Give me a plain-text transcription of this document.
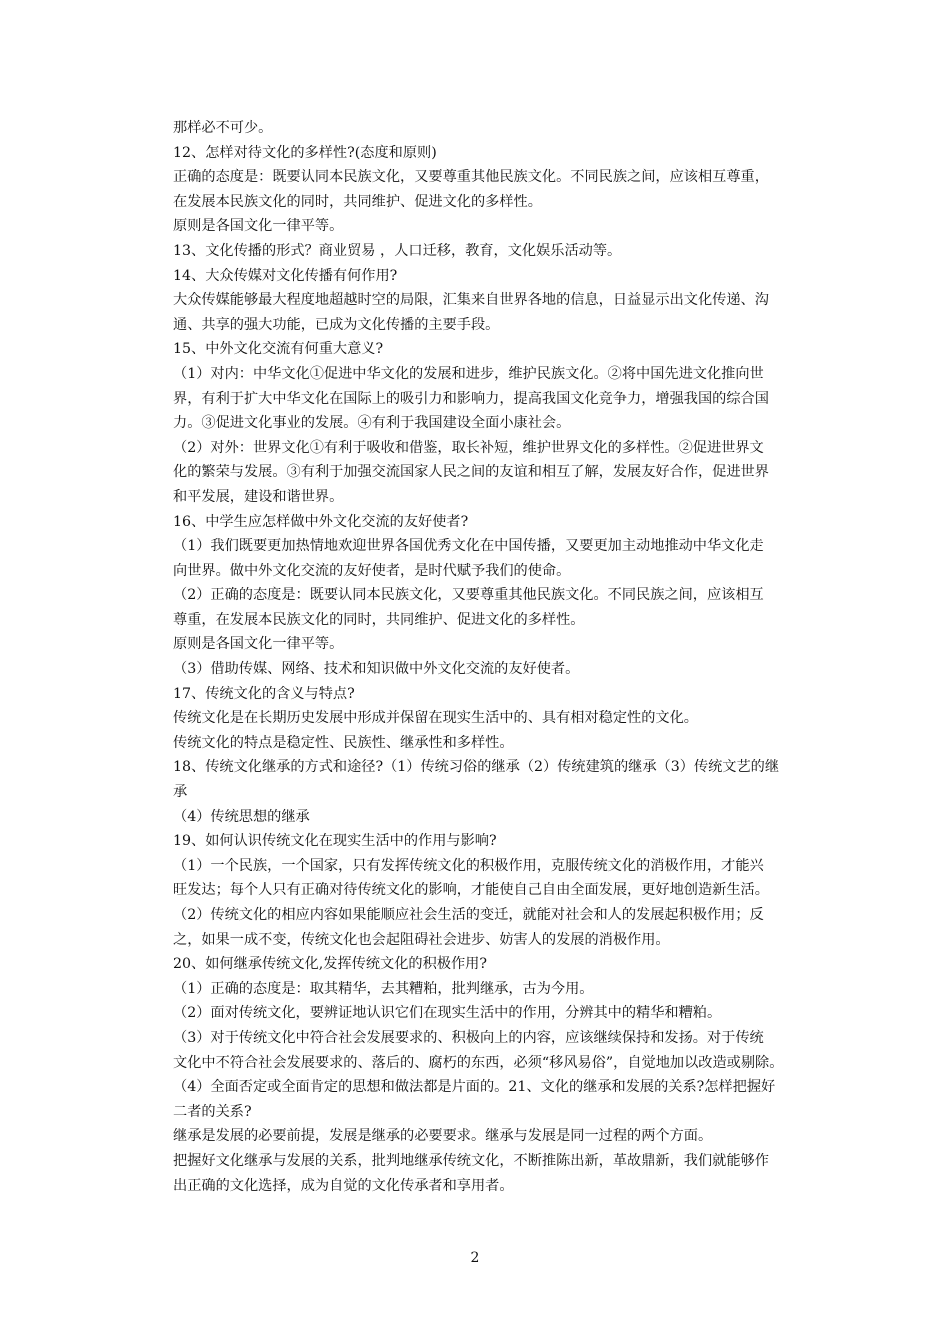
那样必不可少。
12、怎样对待文化的多样性?(态度和原则)
正确的态度是：既要认同本民族文化，又要尊重其他民族文化。不同民族之间，应该相互尊重，
在发展本民族文化的同时，共同维护、促进文化的多样性。
原则是各国文化一律平等。
13、文化传播的形式？商业贸易 ，人口迁移，教育，文化娱乐活动等。
14、大众传媒对文化传播有何作用?
大众传媒能够最大程度地超越时空的局限，汇集来自世界各地的信息，日益显示出文化传递、沟
通、共享的强大功能，已成为文化传播的主要手段。
15、中外文化交流有何重大意义?
（1）对内：中华文化①促进中华文化的发展和进步，维护民族文化。②将中国先进文化推向世
界，有利于扩大中华文化在国际上的吸引力和影响力，提高我国文化竞争力，增强我国的综合国
力。③促进文化事业的发展。④有利于我国建设全面小康社会。
（2）对外：世界文化①有利于吸收和借鉴，取长补短，维护世界文化的多样性。②促进世界文
化的繁荣与发展。③有利于加强交流国家人民之间的友谊和相互了解，发展友好合作，促进世界
和平发展，建设和谐世界。
16、中学生应怎样做中外文化交流的友好使者?
（1）我们既要更加热情地欢迎世界各国优秀文化在中国传播，又要更加主动地推动中华文化走
向世界。做中外文化交流的友好使者，是时代赋予我们的使命。
（2）正确的态度是：既要认同本民族文化，又要尊重其他民族文化。不同民族之间，应该相互
尊重，在发展本民族文化的同时，共同维护、促进文化的多样性。
原则是各国文化一律平等。
（3）借助传媒、网络、技术和知识做中外文化交流的友好使者。
17、传统文化的含义与特点?
传统文化是在长期历史发展中形成并保留在现实生活中的、具有相对稳定性的文化。
传统文化的特点是稳定性、民族性、继承性和多样性。
18、传统文化继承的方式和途径?（1）传统习俗的继承（2）传统建筑的继承（3）传统文艺的继
承
（4）传统思想的继承
19、如何认识传统文化在现实生活中的作用与影响?
（1）一个民族，一个国家，只有发挥传统文化的积极作用，克服传统文化的消极作用，才能兴
旺发达；每个人只有正确对待传统文化的影响，才能使自己自由全面发展，更好地创造新生活。
（2）传统文化的相应内容如果能顺应社会生活的变迁，就能对社会和人的发展起积极作用；反
之，如果一成不变，传统文化也会起阻碍社会进步、妨害人的发展的消极作用。
20、如何继承传统文化,发挥传统文化的积极作用?
（1）正确的态度是：取其精华，去其糟粕，批判继承，古为今用。
（2）面对传统文化，要辨证地认识它们在现实生活中的作用，分辨其中的精华和糟粕。
（3）对于传统文化中符合社会发展要求的、积极向上的内容，应该继续保持和发扬。对于传统
文化中不符合社会发展要求的、落后的、腐朽的东西，必须“移风易俗”，自觉地加以改造或剔除。
（4）全面否定或全面肯定的思想和做法都是片面的。21、文化的继承和发展的关系?怎样把握好
二者的关系?
继承是发展的必要前提，发展是继承的必要要求。继承与发展是同一过程的两个方面。
把握好文化继承与发展的关系，批判地继承传统文化，不断推陈出新，革故鼎新，我们就能够作
出正确的文化选择，成为自觉的文化传承者和享用者。
2
